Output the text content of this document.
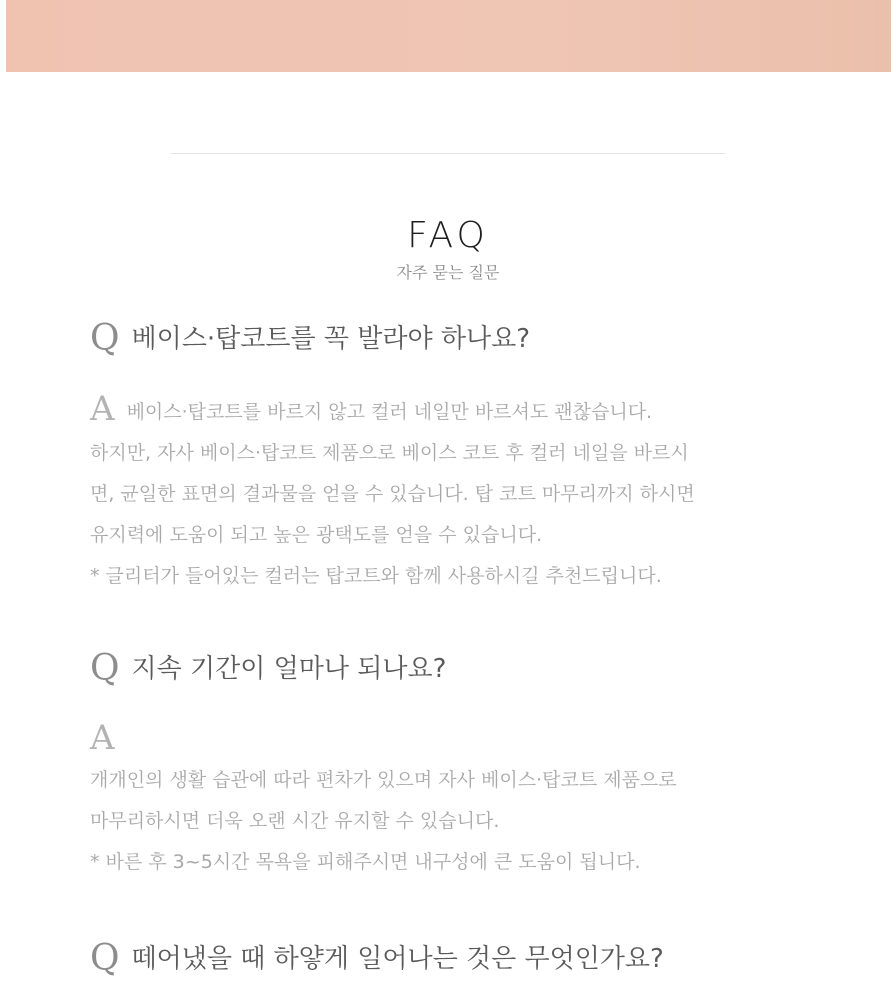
FAQ
자주 묻는 질문
Q 베이스·탑코트를 꼭 발라야 하나요?
A베이스·탑코트를 바르지 않고 컬러 네일만 바르셔도 괜찮습니다.
하지만, 자사 베이스·탑코트 제품으로 베이스 코트 후 컬러 네일을 바르시
면, 균일한 표면의 결과물을 얻을 수 있습니다. 탑 코트 마무리까지 하시면
유지력에 도움이 되고 높은 광택도를 얻을 수 있습니다.
* 글리터가 들어있는 컬러는 탑코트와 함께 사용하시길 추천드립니다.
Q 지속 기간이 얼마나 되나요?
A
개개인의 생활 습관에 따라 편차가 있으며 자사 베이스·탑코트 제품으로
마무리하시면 더욱 오랜 시간 유지할 수 있습니다.
* 바른 후 3~5시간 목욕을 피해주시면 내구성에 큰 도움이 됩니다.
Q 떼어냈을 때 하얗게 일어나는 것은 무엇인가요?
